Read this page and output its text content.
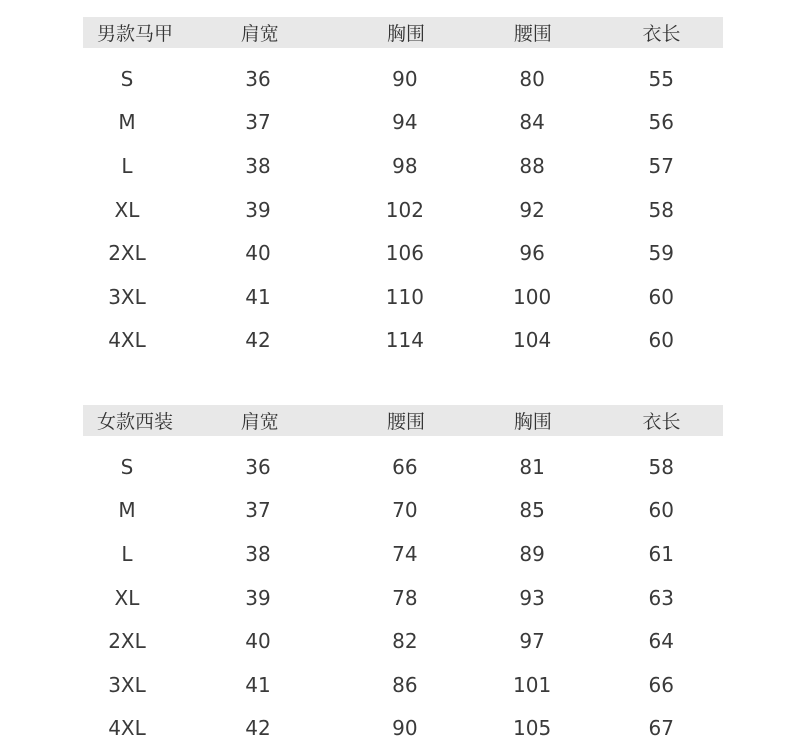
男款马甲	肩宽	胸围	腰围	衣长
S	36	90	80	55
M	37	94	84	56
L	38	98	88	57
XL	39	102	92	58
2XL	40	106	96	59
3XL	41	110	100	60
4XL	42	114	104	60
女款西装	肩宽	腰围	胸围	衣长
S	36	66	81	58
M	37	70	85	60
L	38	74	89	61
XL	39	78	93	63
2XL	40	82	97	64
3XL	41	86	101	66
4XL	42	90	105	67
